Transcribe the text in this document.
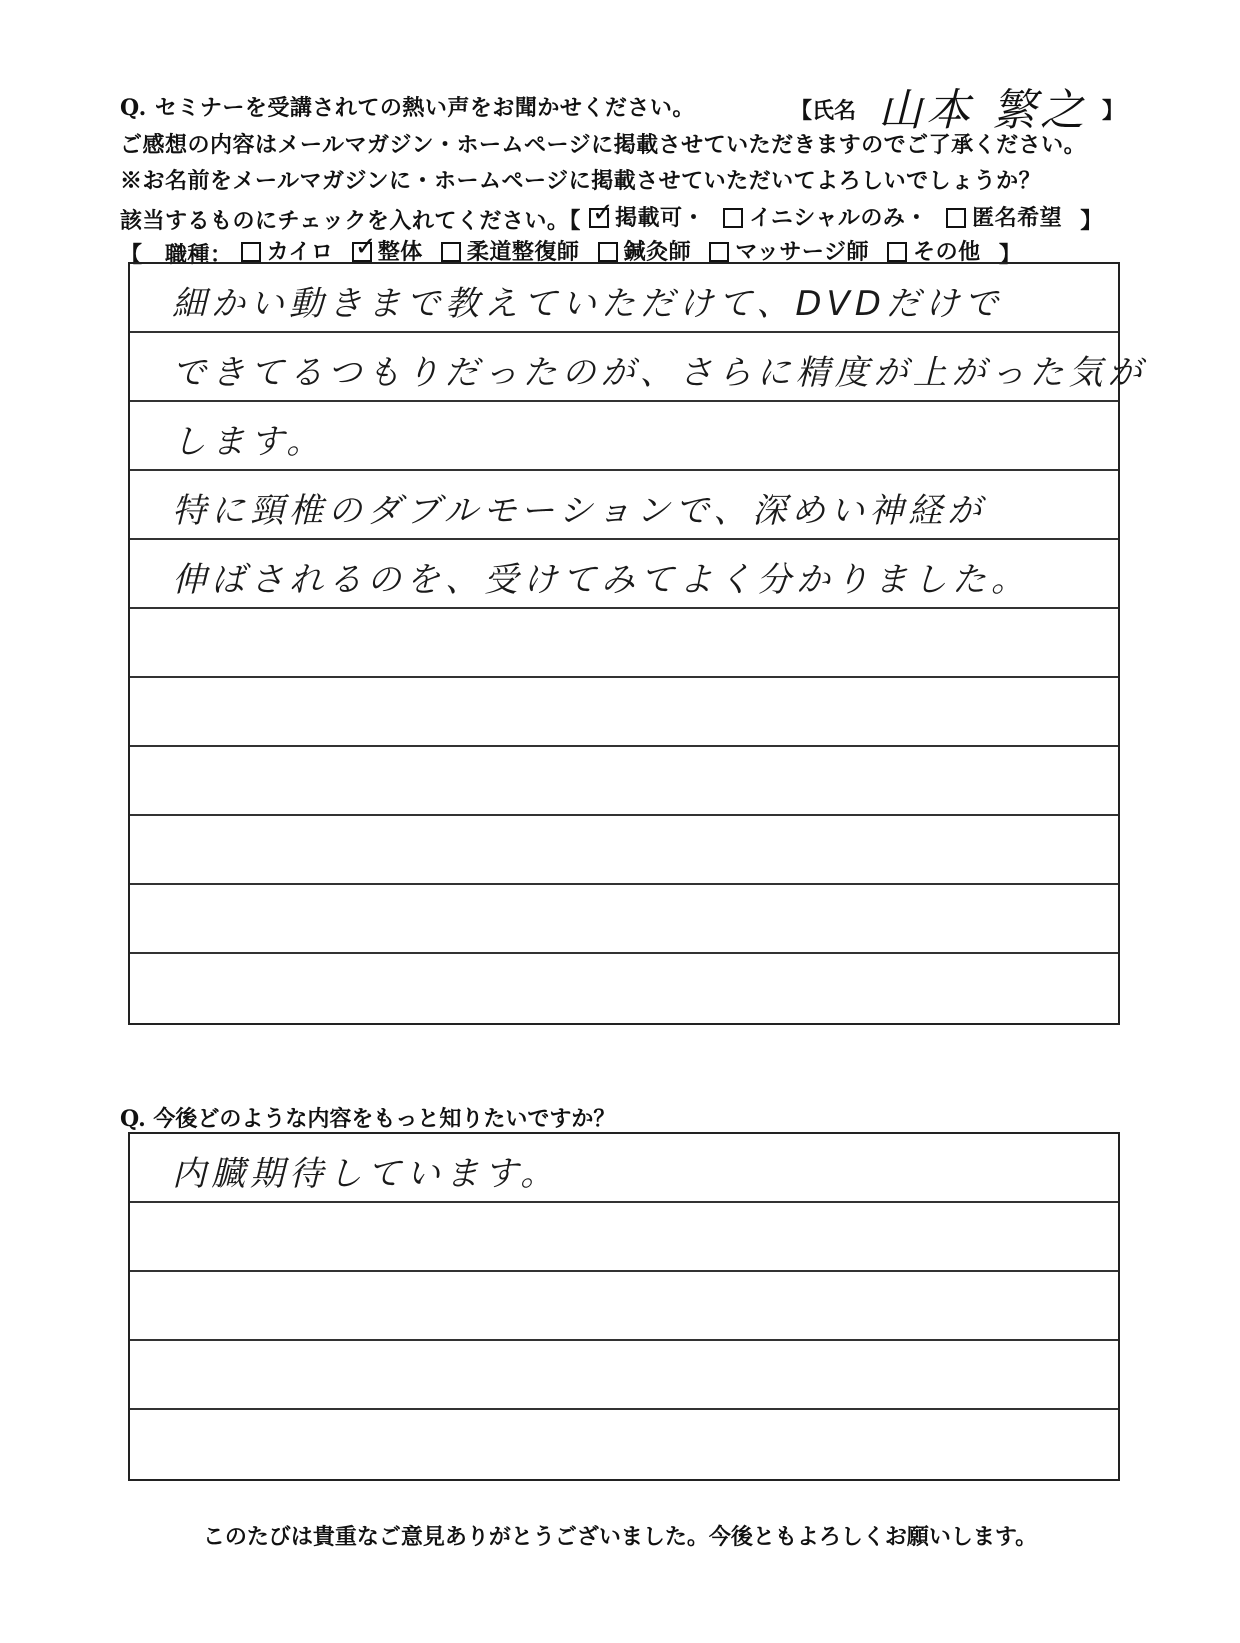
Q. セミナーを受講されての熱い声をお聞かせください。	【氏名 山本 繁之 】
ご感想の内容はメールマガジン・ホームページに掲載させていただきますのでご了承ください。
※お名前をメールマガジンに・ホームページに掲載させていただいてよろしいでしょうか？
該当するものにチェックを入れてください。【 ✓ 掲載可・
イニシャルのみ・
匿名希望 】
【　職種： カイロ
✓ 整体
柔道整復師
鍼灸師
マッサージ師
その他 】
細かい動きまで教えていただけて、DVDだけで
できてるつもりだったのが、さらに精度が上がった気が
します。
特に頸椎のダブルモーションで、深めい神経が
伸ばされるのを、受けてみてよく分かりました。
Q. 今後どのような内容をもっと知りたいですか？
内臓期待しています。
このたびは貴重なご意見ありがとうございました。今後ともよろしくお願いします。
